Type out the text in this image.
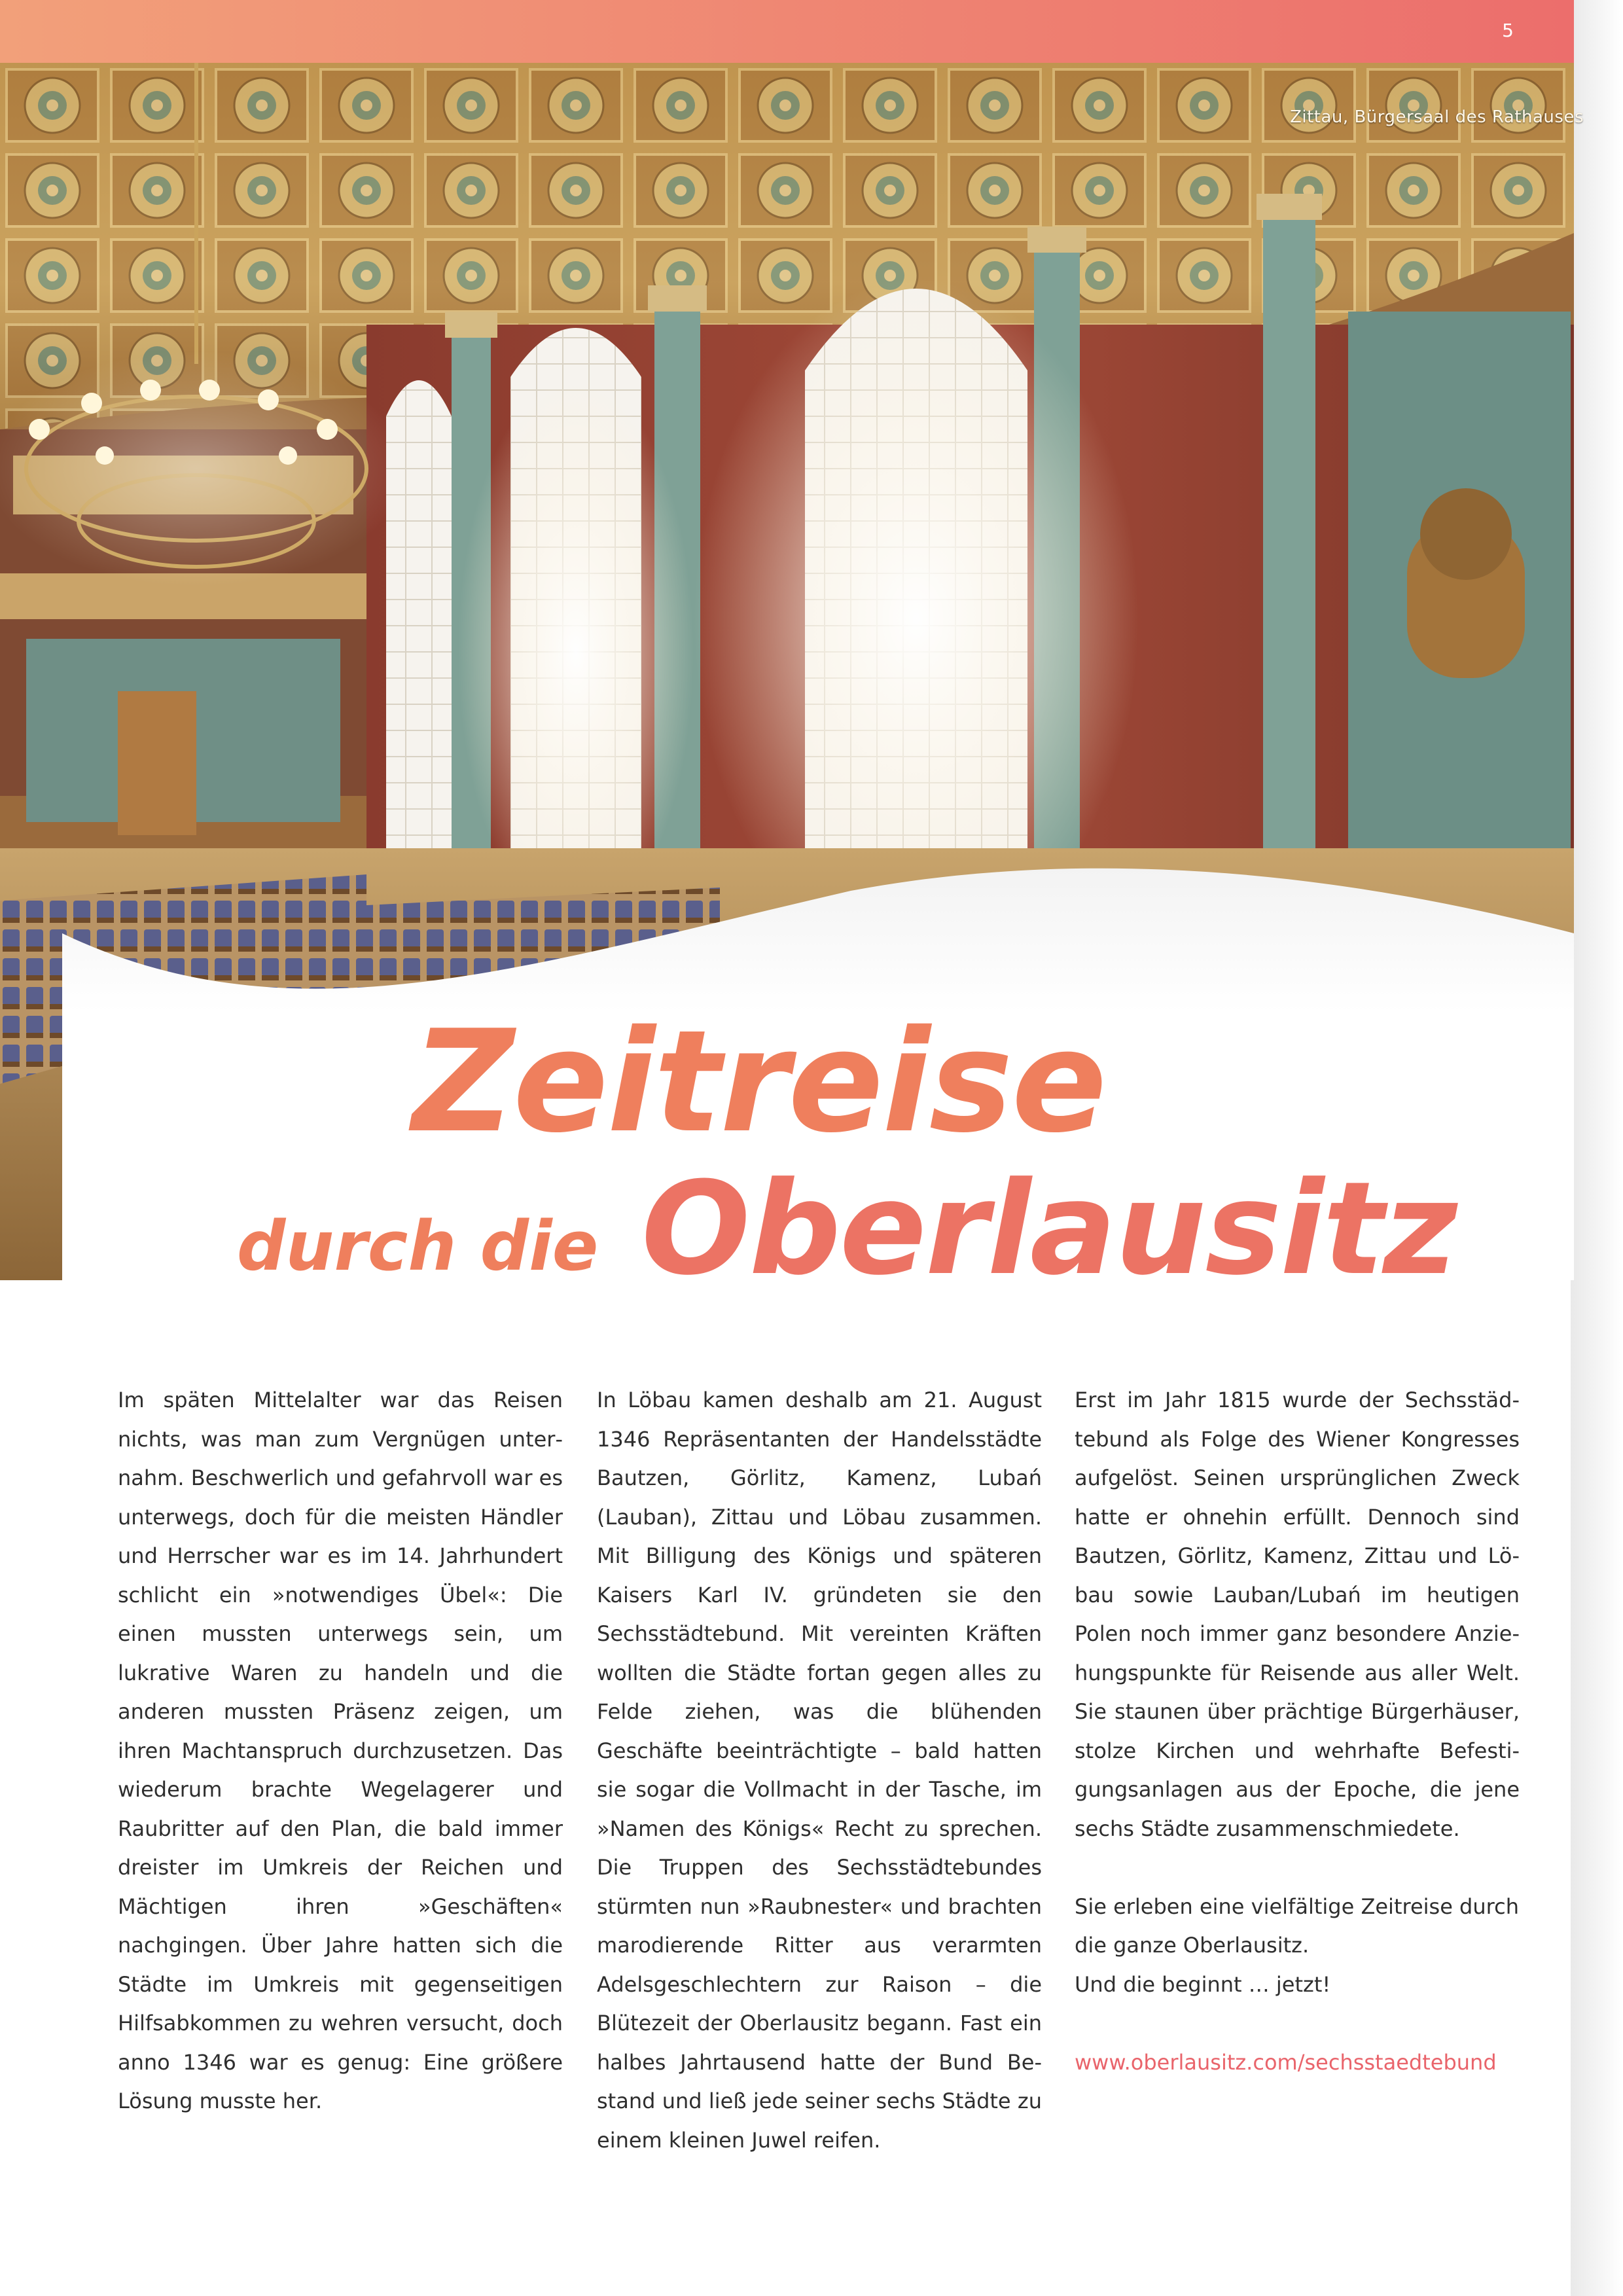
5
Zittau, Bürgersaal des Rathauses
Zeitreise
durch die Oberlausitz

Im späten Mittelalter war das Reisen nichts, was man zum Vergnügen unternahm. Beschwerlich und gefahrvoll war es unterwegs, doch für die meisten Händler und Herrscher war es im 14. Jahrhundert schlicht ein »notwendiges Übel«: Die einen mussten unterwegs sein, um lukrative Waren zu handeln und die anderen mussten Präsenz zeigen, um ihren Machtanspruch durchzusetzen. Das wiederum brachte Wegelagerer und Raubritter auf den Plan, die bald immer dreister im Umkreis der Reichen und Mächtigen ihren »Geschäften« nachgingen. Über Jahre hatten sich die Städte im Umkreis mit gegenseitigen Hilfsabkommen zu wehren versucht, doch anno 1346 war es genug: Eine größere Lösung musste her.

In Löbau kamen deshalb am 21. August 1346 Repräsentanten der Handelsstädte Bautzen, Görlitz, Kamenz, Lubań (Lauban), Zittau und Löbau zusammen. Mit Billigung des Königs und späteren Kaisers Karl IV. gründeten sie den Sechsstädtebund. Mit vereinten Kräften wollten die Städte fortan gegen alles zu Felde ziehen, was die blühenden Geschäfte beeinträchtigte – bald hatten sie sogar die Vollmacht in der Tasche, im »Namen des Königs« Recht zu sprechen. Die Truppen des Sechsstädtebundes stürmten nun »Raubnester« und brachten marodierende Ritter aus verarmten Adelsgeschlechtern zur Raison – die Blütezeit der Oberlausitz begann. Fast ein halbes Jahrtausend hatte der Bund Bestand und ließ jede seiner sechs Städte zu einem kleinen Juwel reifen.

Erst im Jahr 1815 wurde der Sechsstädtebund als Folge des Wiener Kongresses aufgelöst. Seinen ursprünglichen Zweck hatte er ohnehin erfüllt. Dennoch sind Bautzen, Görlitz, Kamenz, Zittau und Löbau sowie Lauban/Lubań im heutigen Polen noch immer ganz besondere Anziehungspunkte für Reisende aus aller Welt. Sie staunen über prächtige Bürgerhäuser, stolze Kirchen und wehrhafte Befestigungsanlagen aus der Epoche, die jene sechs Städte zusammenschmiedete.

Sie erleben eine vielfältige Zeitreise durch die ganze Oberlausitz.

Und die beginnt … jetzt!

www.oberlausitz.com/sechsstaedtebund
